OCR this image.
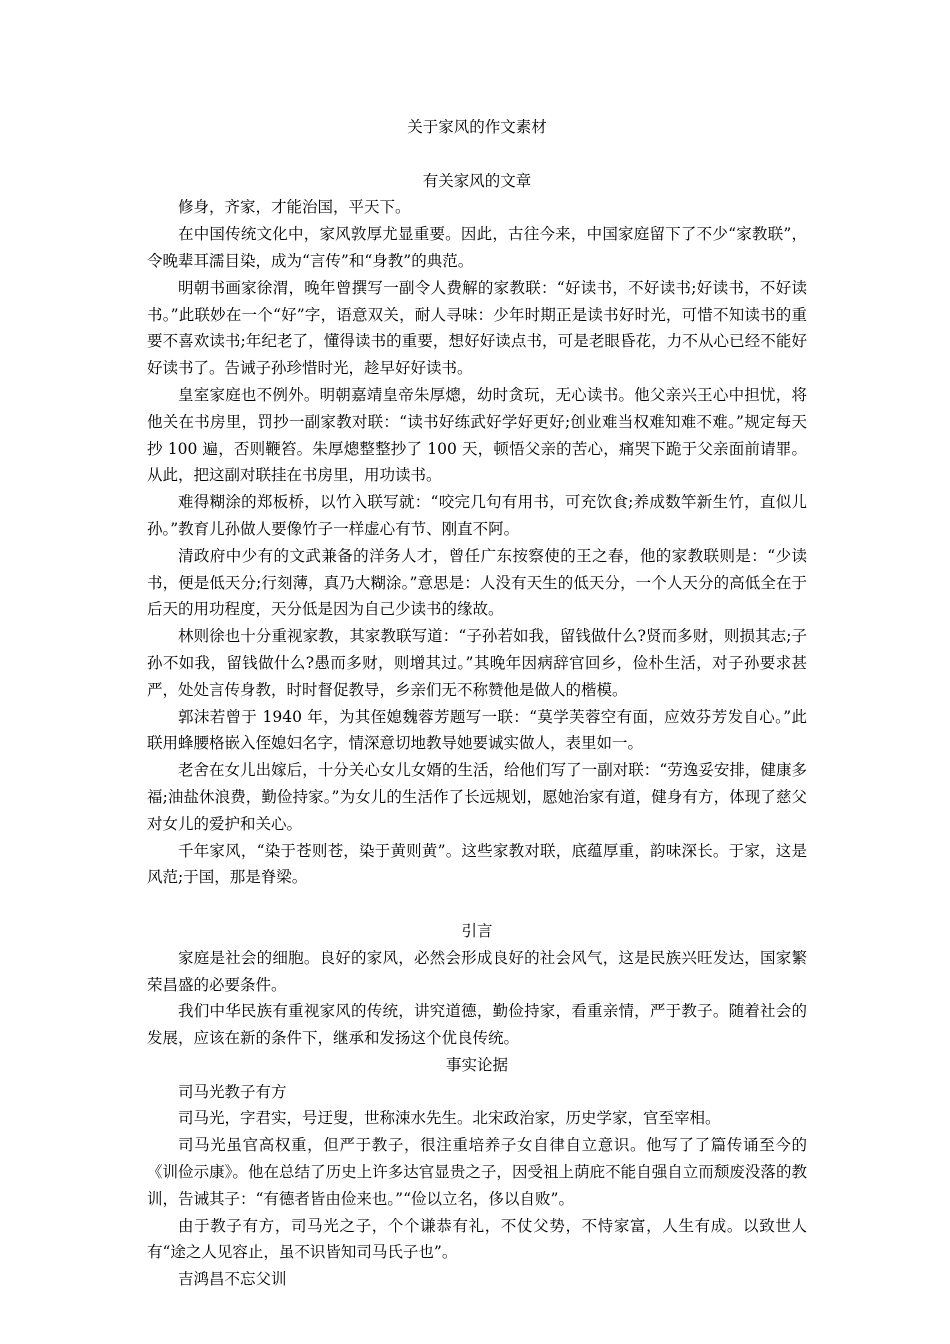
关于家风的作文素材
有关家风的文章

修身，齐家，才能治国，平天下。

在中国传统文化中，家风敦厚尤显重要。因此，古往今来，中国家庭留下了不少“家教联”，令晚辈耳濡目染，成为“言传”和“身教”的典范。

明朝书画家徐渭，晚年曾撰写一副令人费解的家教联：“好读书，不好读书;好读书，不好读书。”此联妙在一个“好”字，语意双关，耐人寻味：少年时期正是读书好时光，可惜不知读书的重要不喜欢读书;年纪老了，懂得读书的重要，想好好读点书，可是老眼昏花，力不从心已经不能好好读书了。告诫子孙珍惜时光，趁早好好读书。

皇室家庭也不例外。明朝嘉靖皇帝朱厚熜，幼时贪玩，无心读书。他父亲兴王心中担忧，将他关在书房里，罚抄一副家教对联：“读书好练武好学好更好;创业难当权难知难不难。”规定每天抄 100 遍，否则鞭笞。朱厚熜整整抄了 100 天，顿悟父亲的苦心，痛哭下跪于父亲面前请罪。从此，把这副对联挂在书房里，用功读书。

难得糊涂的郑板桥，以竹入联写就：“咬完几句有用书，可充饮食;养成数竿新生竹，直似儿孙。”教育儿孙做人要像竹子一样虚心有节、刚直不阿。

清政府中少有的文武兼备的洋务人才，曾任广东按察使的王之春，他的家教联则是：“少读书，便是低天分;行刻薄，真乃大糊涂。”意思是：人没有天生的低天分，一个人天分的高低全在于后天的用功程度，天分低是因为自己少读书的缘故。

林则徐也十分重视家教，其家教联写道：“子孙若如我，留钱做什么?贤而多财，则损其志;子孙不如我，留钱做什么?愚而多财，则增其过。”其晚年因病辞官回乡，俭朴生活，对子孙要求甚严，处处言传身教，时时督促教导，乡亲们无不称赞他是做人的楷模。

郭沫若曾于 1940 年，为其侄媳魏蓉芳题写一联：“莫学芙蓉空有面，应效芬芳发自心。”此联用蜂腰格嵌入侄媳妇名字，情深意切地教导她要诚实做人，表里如一。

老舍在女儿出嫁后，十分关心女儿女婿的生活，给他们写了一副对联：“劳逸妥安排，健康多福;油盐休浪费，勤俭持家。”为女儿的生活作了长远规划，愿她治家有道，健身有方，体现了慈父对女儿的爱护和关心。

千年家风，“染于苍则苍，染于黄则黄”。这些家教对联，底蕴厚重，韵味深长。于家，这是风范;于国，那是脊梁。

引言

家庭是社会的细胞。良好的家风，必然会形成良好的社会风气，这是民族兴旺发达，国家繁荣昌盛的必要条件。

我们中华民族有重视家风的传统，讲究道德，勤俭持家，看重亲情，严于教子。随着社会的发展，应该在新的条件下，继承和发扬这个优良传统。

事实论据

司马光教子有方

司马光，字君实，号迂叟，世称涑水先生。北宋政治家，历史学家，官至宰相。

司马光虽官高权重，但严于教子，很注重培养子女自律自立意识。他写了了篇传诵至今的《训俭示康》。他在总结了历史上许多达官显贵之子，因受祖上荫庇不能自强自立而颓废没落的教训，告诫其子：“有德者皆由俭来也。”“俭以立名，侈以自败”。

由于教子有方，司马光之子，个个谦恭有礼，不仗父势，不恃家富，人生有成。以致世人有“途之人见容止，虽不识皆知司马氏子也”。

吉鸿昌不忘父训
